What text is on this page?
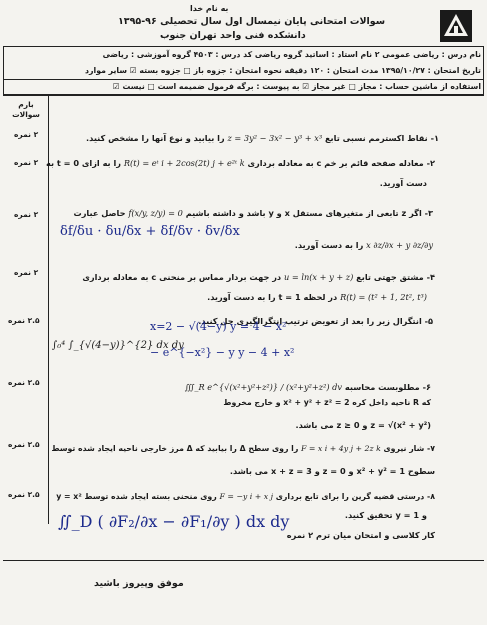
به نام خدا
سوالات امتحانی پایان نیمسال اول سال تحصیلی ۹۶-۱۳۹۵
دانشکده فنی واحد تهران جنوب
نام درس : ریاضی عمومی ۲ نام استاد : اساتید گروه ریاضی کد درس : ۴۵۰۳ گروه آموزشی : ریاضی
تاریخ امتحان : ۱۳۹۵/۱۰/۲۷ مدت امتحان : ۱۲۰ دقیقه نحوه امتحان : جزوه باز □ جزوه بسته ☑ سایر موارد
استفاده از ماشین حساب : مجاز □ غیر مجاز ☑ به پیوست : برگه فرمول ضمیمه است □ نیست ☑
بارم سوالات
۲ نمره
۲ نمره
۲ نمره
۲ نمره
۲.۵ نمره
۲.۵ نمره
۲.۵ نمره
۲.۵ نمره
۱- نقاط اکسترمم نسبی تابع z = 3y² − 3x² − y³ + x³ را بیابید و نوع آنها را مشخص کنید.
۲- معادله صفحه قائم بر خم c به معادله برداری R(t) = eᵗ i + 2cos(2t) j + e²ᵗ k را به ازای t = 0 به
دست آورید.
۳- اگر z تابعی از متغیرهای مستقل x و y باشد و داشته باشیم f(x/y, z/y) = 0 حاصل عبارت
x ∂z/∂x + y ∂z/∂y را به دست آورید.
δf/δu · δu/δx + δf/δv · δv/δx
۴- مشتق جهتی تابع u = ln(x + y + z) در جهت بردار مماس بر منحنی c به معادله برداری
R(t) = (t² + 1, 2t², t³) در لحظه t = 1 را به دست آورید.
۵- انتگرال زیر را بعد از تعویض ترتیب انتگرالگیری حل کنید.
∫₀⁴ ∫_{√(4−y)}^{2} dx dy
x=2 − √(4−y) y = 4 − x²
− e^{−x²} − y y − 4 + x²
۶- مطلوبست محاسبه ∭_R e^{√(x²+y²+z²)} / (x²+y²+z²) dv
که R ناحیه داخل کره x² + y² + z² = 2 و خارج مخروط
z = √(x² + y²) و z ≥ 0 می باشد.
۷- شار نیروی F = x i + 4y j + 2z k را روی سطح Δ را بیابید که Δ مرز خارجی ناحیه ایجاد شده توسط
سطوح x² + y² = 1 و z = 0 و x + z = 3 می باشد.
۸- درستی قضیه گرین را برای تابع برداری F = −y i + x j روی منحنی بسته ایجاد شده توسط y = x²
و y = 1 تحقیق کنید.
∬_D ( ∂F₂/∂x − ∂F₁/∂y ) dx dy
کار کلاسی و امتحان میان ترم ۲ نمره
موفق وپیروز باشید
